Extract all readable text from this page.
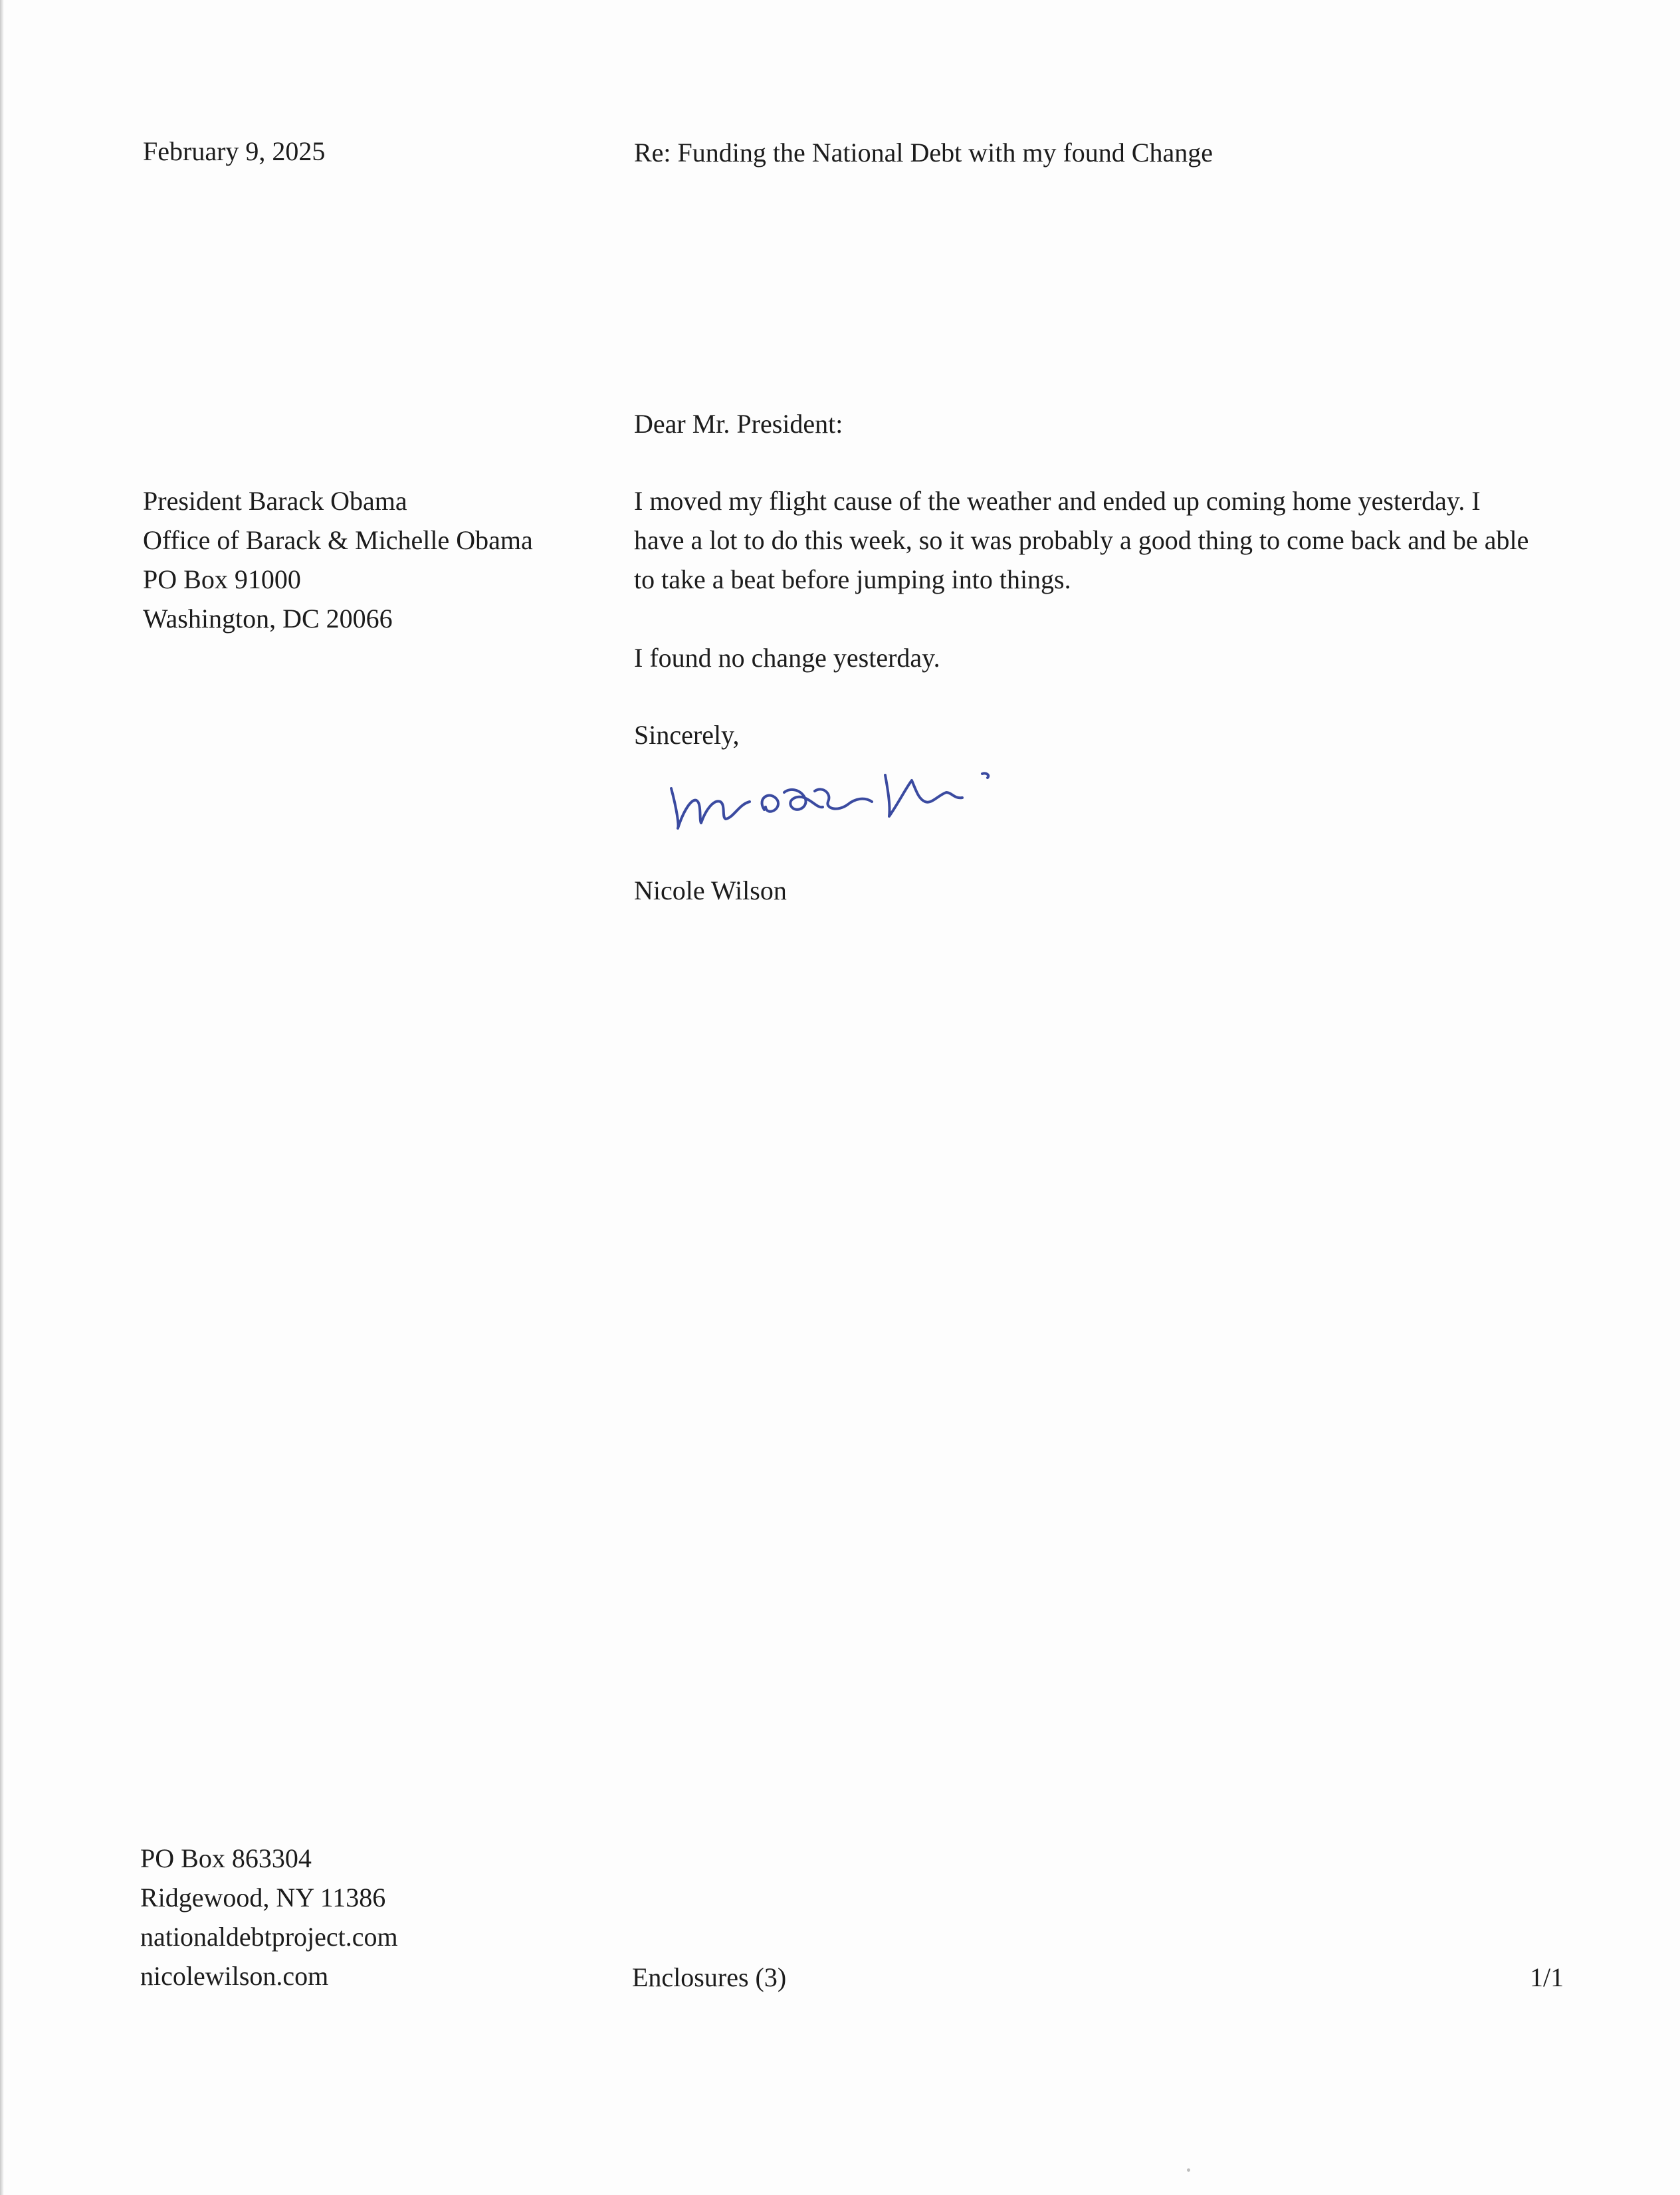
February 9, 2025	Re: Funding the National Debt with my found Change

Dear Mr. President:

President Barack Obama
Office of Barack & Michelle Obama
PO Box 91000
Washington, DC 20066
I moved my flight cause of the weather and ended up coming home yesterday. I
have a lot to do this week, so it was probably a good thing to come back and be able
to take a beat before jumping into things.

I found no change yesterday.

Sincerely,

Nicole Wilson

PO Box 863304
Ridgewood, NY 11386
nationaldebtproject.com
nicolewilson.com	Enclosures (3)	1/1
